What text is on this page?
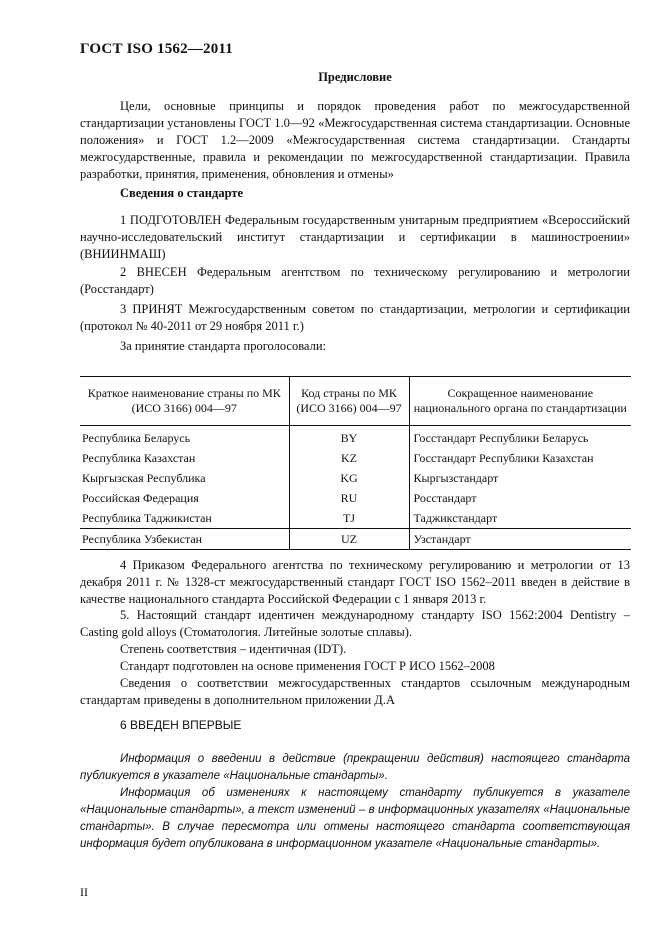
ГОСТ ISO 1562—2011
Предисловие

Цели, основные принципы и порядок проведения работ по межгосударственной стандартизации установлены ГОСТ 1.0—92 «Межгосударственная система стандартизации. Основные положения» и ГОСТ 1.2—2009 «Межгосударственная система стандартизации. Стандарты межгосударственные, правила и рекомендации по межгосударственной стандартизации. Правила разработки, принятия, применения, обновления и отмены»

Сведения о стандарте

1 ПОДГОТОВЛЕН Федеральным государственным унитарным предприятием «Всероссийский научно-исследовательский институт стандартизации и сертификации в машиностроении» (ВНИИНМАШ)

2 ВНЕСЕН Федеральным агентством по техническому регулированию и метрологии (Росстандарт)

3 ПРИНЯТ Межгосударственным советом по стандартизации, метрологии и сертификации (протокол № 40-2011 от 29 ноября 2011 г.)

За принятие стандарта проголосовали:
Краткое наименование страны по МК (ИСО 3166) 004—97	Код страны по МК (ИСО 3166) 004—97	Сокращенное наименование национального органа по стандартизации
Республика Беларусь	BY	Госстандарт Республики Беларусь
Республика Казахстан	KZ	Госстандарт Республики Казахстан
Кыргызская Республика	KG	Кыргызстандарт
Российская Федерация	RU	Росстандарт
Республика Таджикистан	TJ	Таджикстандарт
Республика Узбекистан	UZ	Узстандарт

4 Приказом Федерального агентства по техническому регулированию и метрологии от 13 декабря 2011 г. № 1328-ст межгосударственный стандарт ГОСТ ISO 1562–2011 введен в действие в качестве национального стандарта Российской Федерации с 1 января 2013 г.

5. Настоящий стандарт идентичен международному стандарту ISO 1562:2004 Dentistry – Casting gold alloys (Стоматология. Литейные золотые сплавы).

Степень соответствия – идентичная (IDT).
Стандарт подготовлен на основе применения ГОСТ Р ИСО 1562–2008

Сведения о соответствии межгосударственных стандартов ссылочным международным стандартам приведены в дополнительном приложении Д.А

6 ВВЕДЕН ВПЕРВЫЕ

Информация о введении в действие (прекращении действия) настоящего стандарта публикуется в указателе «Национальные стандарты».

Информация об изменениях к настоящему стандарту публикуется в указателе «Национальные стандарты», а текст изменений – в информационных указателях «Национальные стандарты». В случае пересмотра или отмены настоящего стандарта соответствующая информация будет опубликована в информационном указателе «Национальные стандарты».

II
